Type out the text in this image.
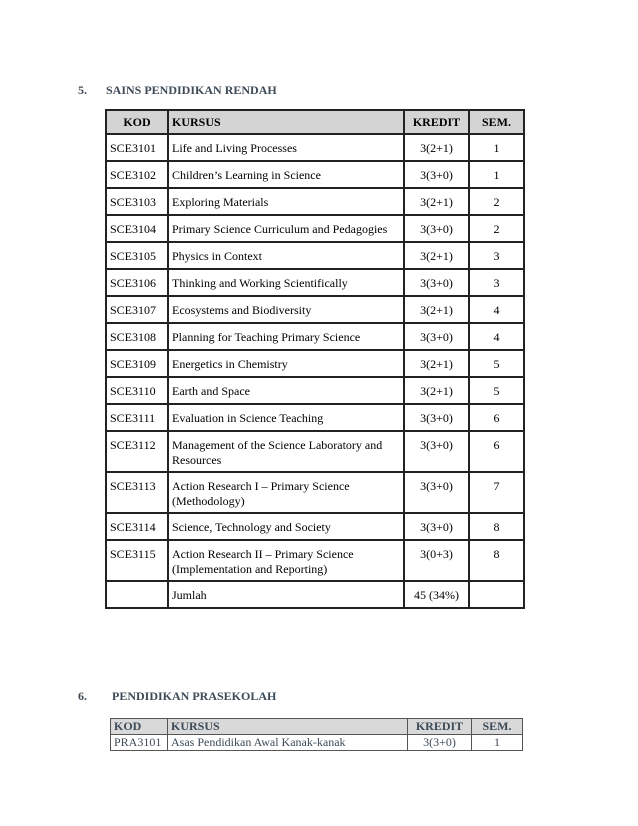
5. SAINS PENDIDIKAN RENDAH
KOD	KURSUS	KREDIT	SEM.
SCE3101	Life and Living Processes	3(2+1)	1
SCE3102	Children’s Learning in Science	3(3+0)	1
SCE3103	Exploring Materials	3(2+1)	2
SCE3104	Primary Science Curriculum and Pedagogies	3(3+0)	2
SCE3105	Physics in Context	3(2+1)	3
SCE3106	Thinking and Working Scientifically	3(3+0)	3
SCE3107	Ecosystems and Biodiversity	3(2+1)	4
SCE3108	Planning for Teaching Primary Science	3(3+0)	4
SCE3109	Energetics in Chemistry	3(2+1)	5
SCE3110	Earth and Space	3(2+1)	5
SCE3111	Evaluation in Science Teaching	3(3+0)	6
SCE3112	Management of the Science Laboratory and Resources	3(3+0)	6
SCE3113	Action Research I – Primary Science (Methodology)	3(3+0)	7
SCE3114	Science, Technology and Society	3(3+0)	8
SCE3115	Action Research II – Primary Science (Implementation and Reporting)	3(0+3)	8
	Jumlah	45 (34%)	
6. PENDIDIKAN PRASEKOLAH
KOD	KURSUS	KREDIT	SEM.
PRA3101	Asas Pendidikan Awal Kanak-kanak	3(3+0)	1
